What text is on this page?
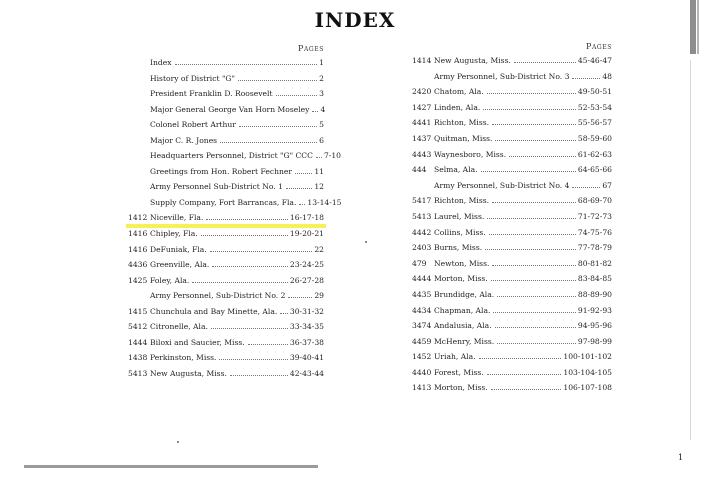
INDEX
Pages
Index	1
History of District "G"	2
President Franklin D. Roosevelt	3
Major General George Van Horn Moseley 4
Colonel Robert Arthur	5
Major C. R. Jones	6
Headquarters Personnel, District "G" CCC 7-10
Greetings from Hon. Robert Fechner	11
Army Personnel Sub-District No. 1	12
Supply Company, Fort Barrancas, Fla. 13-14-15
1412 Niceville, Fla.	16-17-18
1416 Chipley, Fla.	19-20-21
1416 DeFuniak, Fla.	22
4436 Greenville, Ala.	23-24-25
1425 Foley, Ala.	26-27-28
Army Personnel, Sub-District No. 2	29
1415 Chunchula and Bay Minette, Ala. 30-31-32
5412 Citronelle, Ala.	33-34-35
1444 Biloxi and Saucier, Miss.	36-37-38
1438 Perkinston, Miss.	39-40-41
5413 New Augusta, Miss.	42-43-44
Pages
1414 New Augusta, Miss.	45-46-47
Army Personnel, Sub-District No. 3	48
2420 Chatom, Ala.	49-50-51
1427 Linden, Ala.	52-53-54
4441 Richton, Miss.	55-56-57
1437 Quitman, Miss.	58-59-60
4443 Waynesboro, Miss.	61-62-63
444 Selma, Ala.	64-65-66
Army Personnel, Sub-District No. 4	67
5417 Richton, Miss.	68-69-70
5413 Laurel, Miss.	71-72-73
4442 Collins, Miss.	74-75-76
2403 Burns, Miss.	77-78-79
479 Newton, Miss.	80-81-82
4444 Morton, Miss.	83-84-85
4435 Brundidge, Ala.	88-89-90
4434 Chapman, Ala.	91-92-93
3474 Andalusia, Ala.	94-95-96
4459 McHenry, Miss.	97-98-99
1452 Uriah, Ala.	100-101-102
4440 Forest, Miss.	103-104-105
1413 Morton, Miss.	106-107-108
1
